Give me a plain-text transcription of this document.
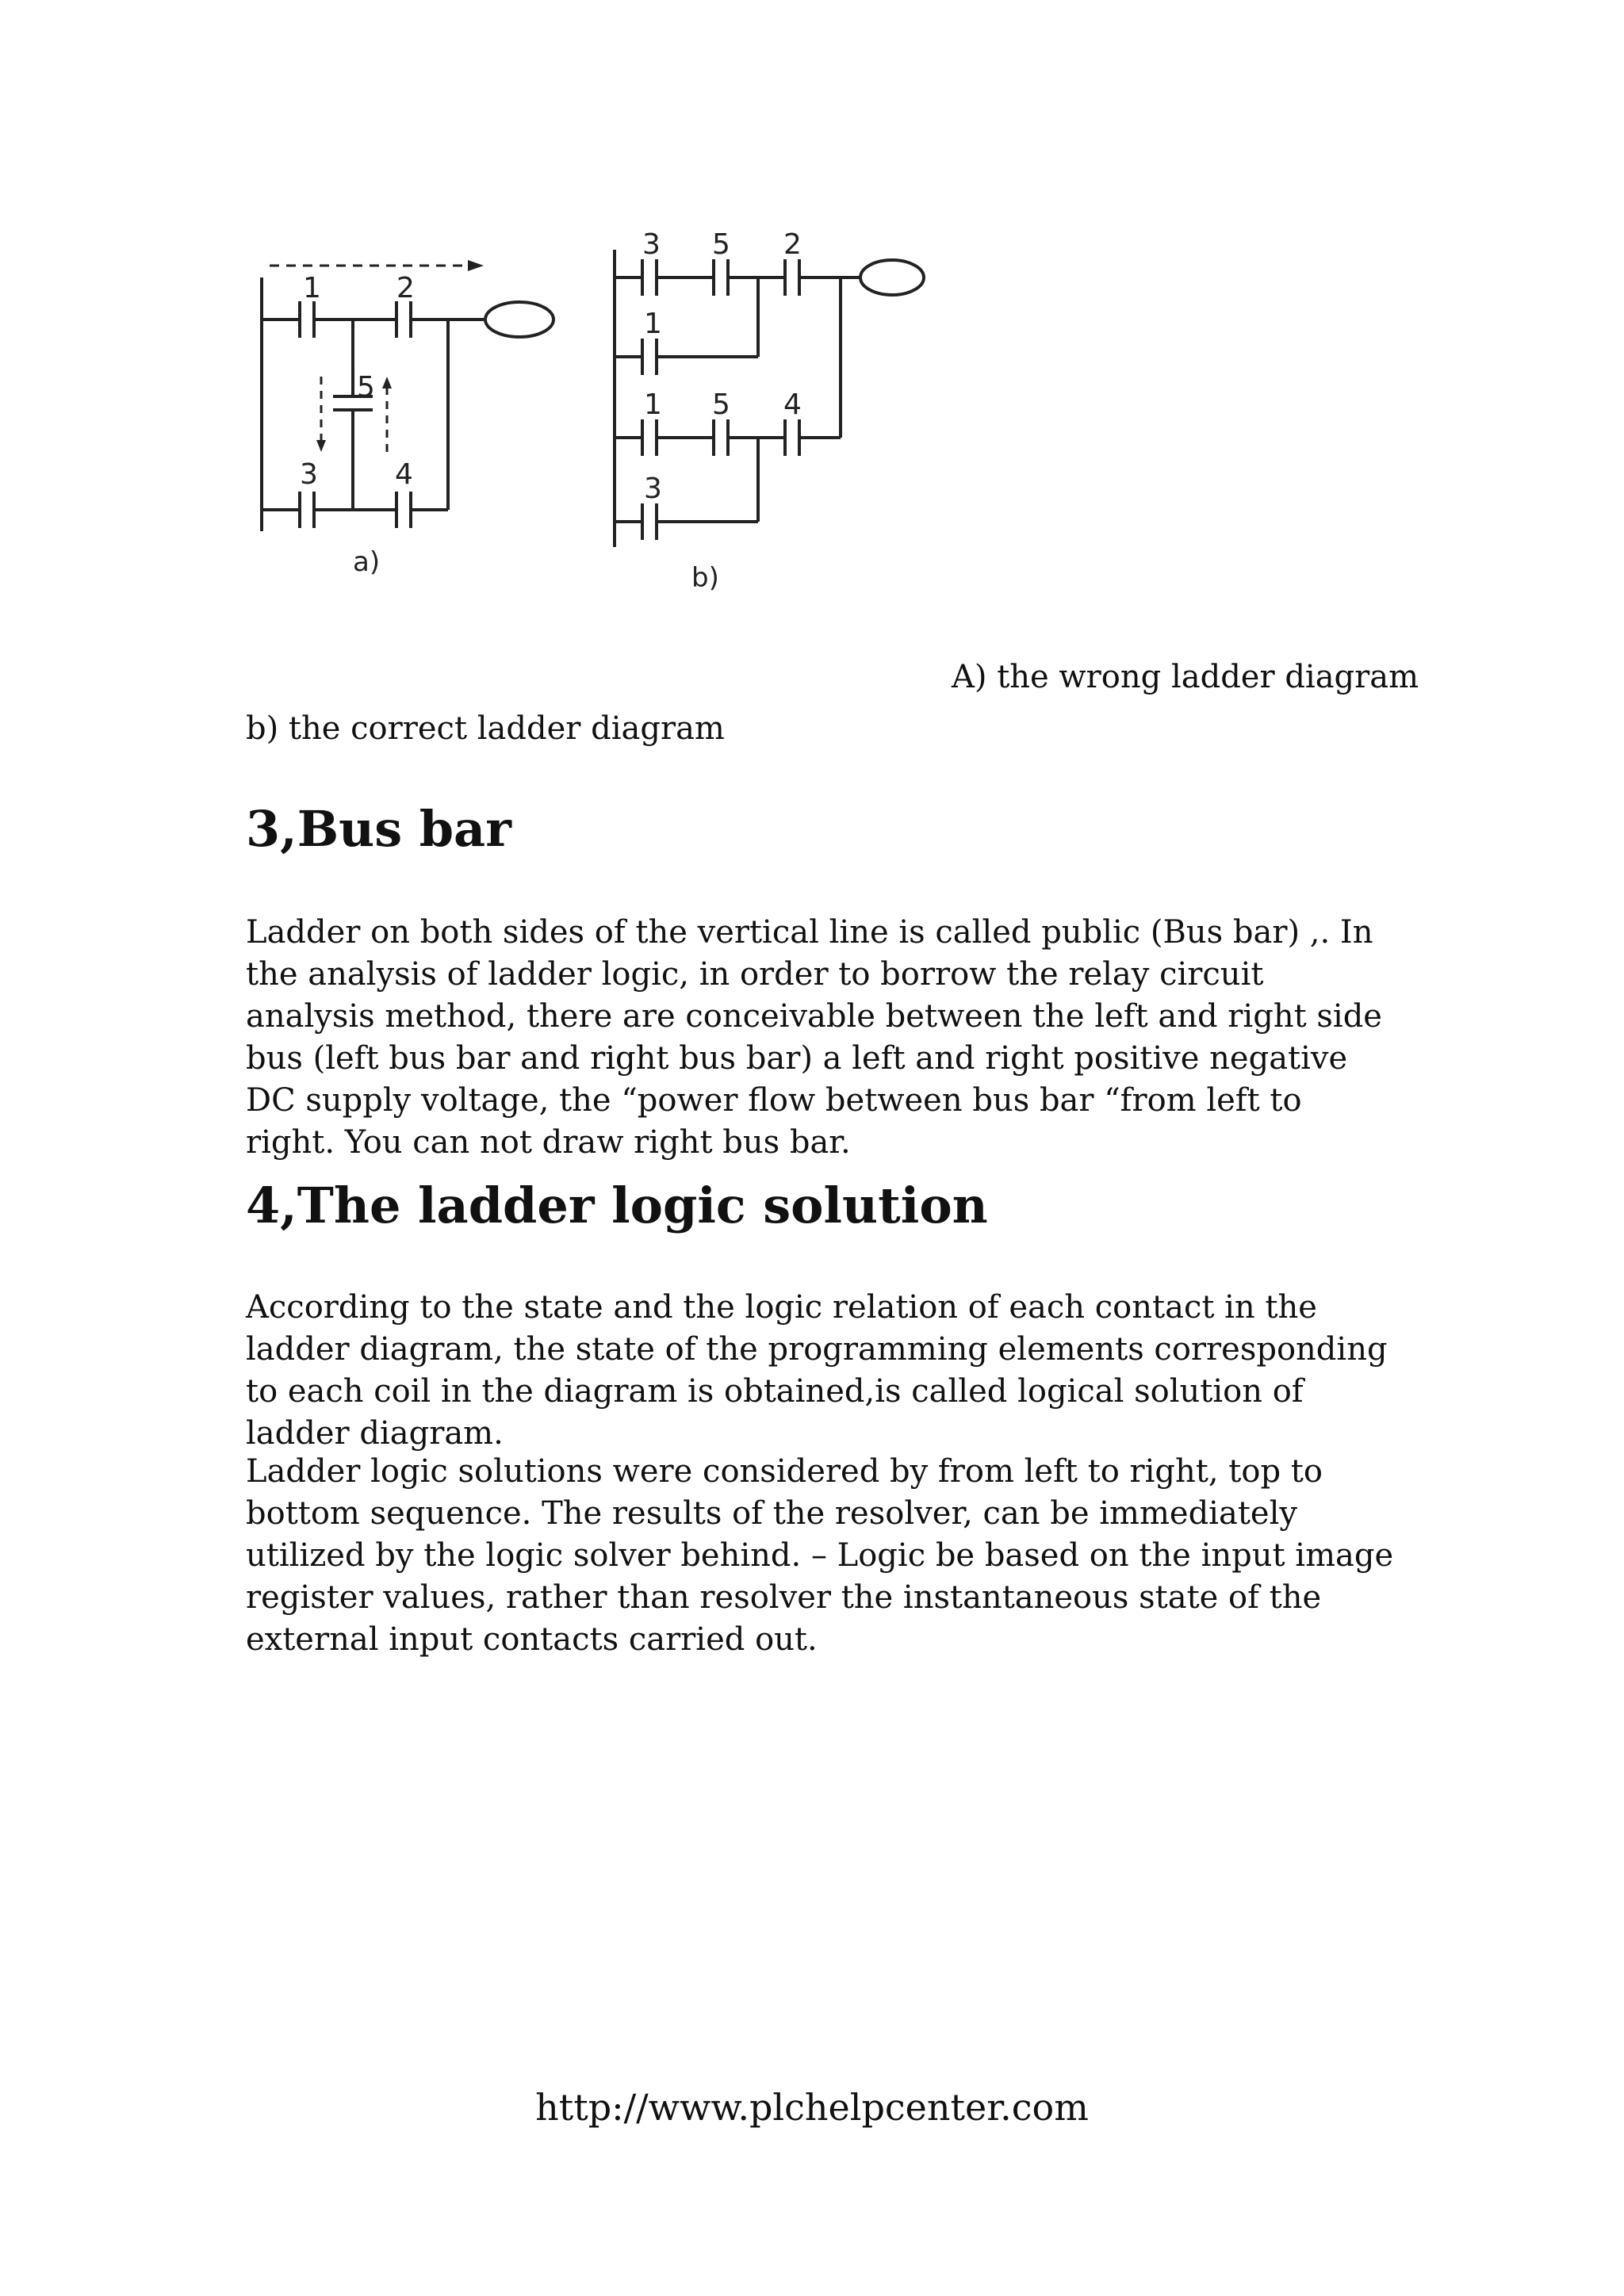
1	2
5
3	4
a)
3 5 2
1
1 5 4
3
b)
A) the wrong ladder diagram
b) the correct ladder diagram
3,Bus bar

Ladder on both sides of the vertical line is called public (Bus bar) ,. In the analysis of ladder logic, in order to borrow the relay circuit analysis method, there are conceivable between the left and right side bus (left bus bar and right bus bar) a left and right positive negative DC supply voltage, the “power flow between bus bar “from left to right. You can not draw right bus bar.

4,The ladder logic solution

According to the state and the logic relation of each contact in the ladder diagram, the state of the programming elements corresponding to each coil in the diagram is obtained,is called logical solution of ladder diagram.

Ladder logic solutions were considered by from left to right, top to bottom sequence. The results of the resolver, can be immediately utilized by the logic solver behind. – Logic be based on the input image register values, rather than resolver the instantaneous state of the external input contacts carried out.

http://www.plchelpcenter.com
